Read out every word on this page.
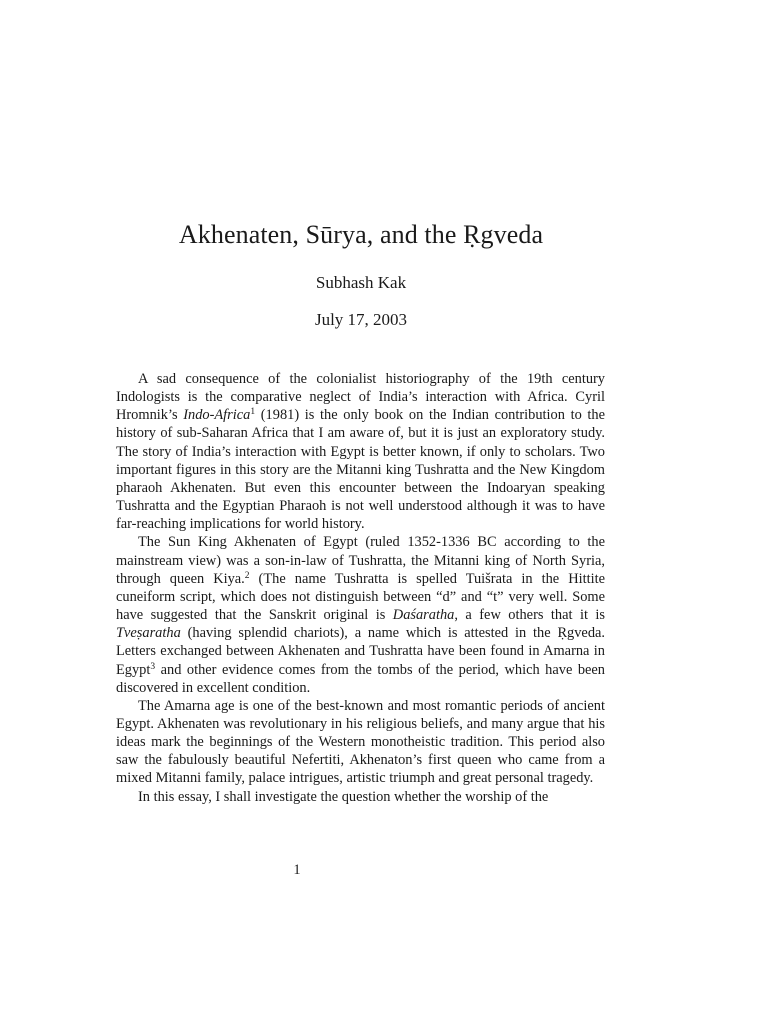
Akhenaten, Sūrya, and the Ṛgveda
Subhash Kak
July 17, 2003

A sad consequence of the colonialist historiography of the 19th century Indologists is the comparative neglect of India’s interaction with Africa. Cyril Hromnik’s Indo-Africa$^1$ (1981) is the only book on the Indian contribution to the history of sub-Saharan Africa that I am aware of, but it is just an exploratory study. The story of India’s interaction with Egypt is better known, if only to scholars. Two important figures in this story are the Mitanni king Tushratta and the New Kingdom pharaoh Akhenaten. But even this encounter between the Indoaryan speaking Tushratta and the Egyptian Pharaoh is not well understood although it was to have far-reaching implications for world history.

The Sun King Akhenaten of Egypt (ruled 1352-1336 BC according to the mainstream view) was a son-in-law of Tushratta, the Mitanni king of North Syria, through queen Kiya.$^2$ (The name Tushratta is spelled Tuišrata in the Hittite cuneiform script, which does not distinguish between “d” and “t” very well. Some have suggested that the Sanskrit original is Daśaratha, a few others that it is Tveṣaratha (having splendid chariots), a name which is attested in the Ṛgveda. Letters exchanged between Akhenaten and Tushratta have been found in Amarna in Egypt$^3$ and other evidence comes from the tombs of the period, which have been discovered in excellent condition.

The Amarna age is one of the best-known and most romantic periods of ancient Egypt. Akhenaten was revolutionary in his religious beliefs, and many argue that his ideas mark the beginnings of the Western monotheistic tradition. This period also saw the fabulously beautiful Nefertiti, Akhenaton’s first queen who came from a mixed Mitanni family, palace intrigues, artistic triumph and great personal tragedy.

In this essay, I shall investigate the question whether the worship of the

1
